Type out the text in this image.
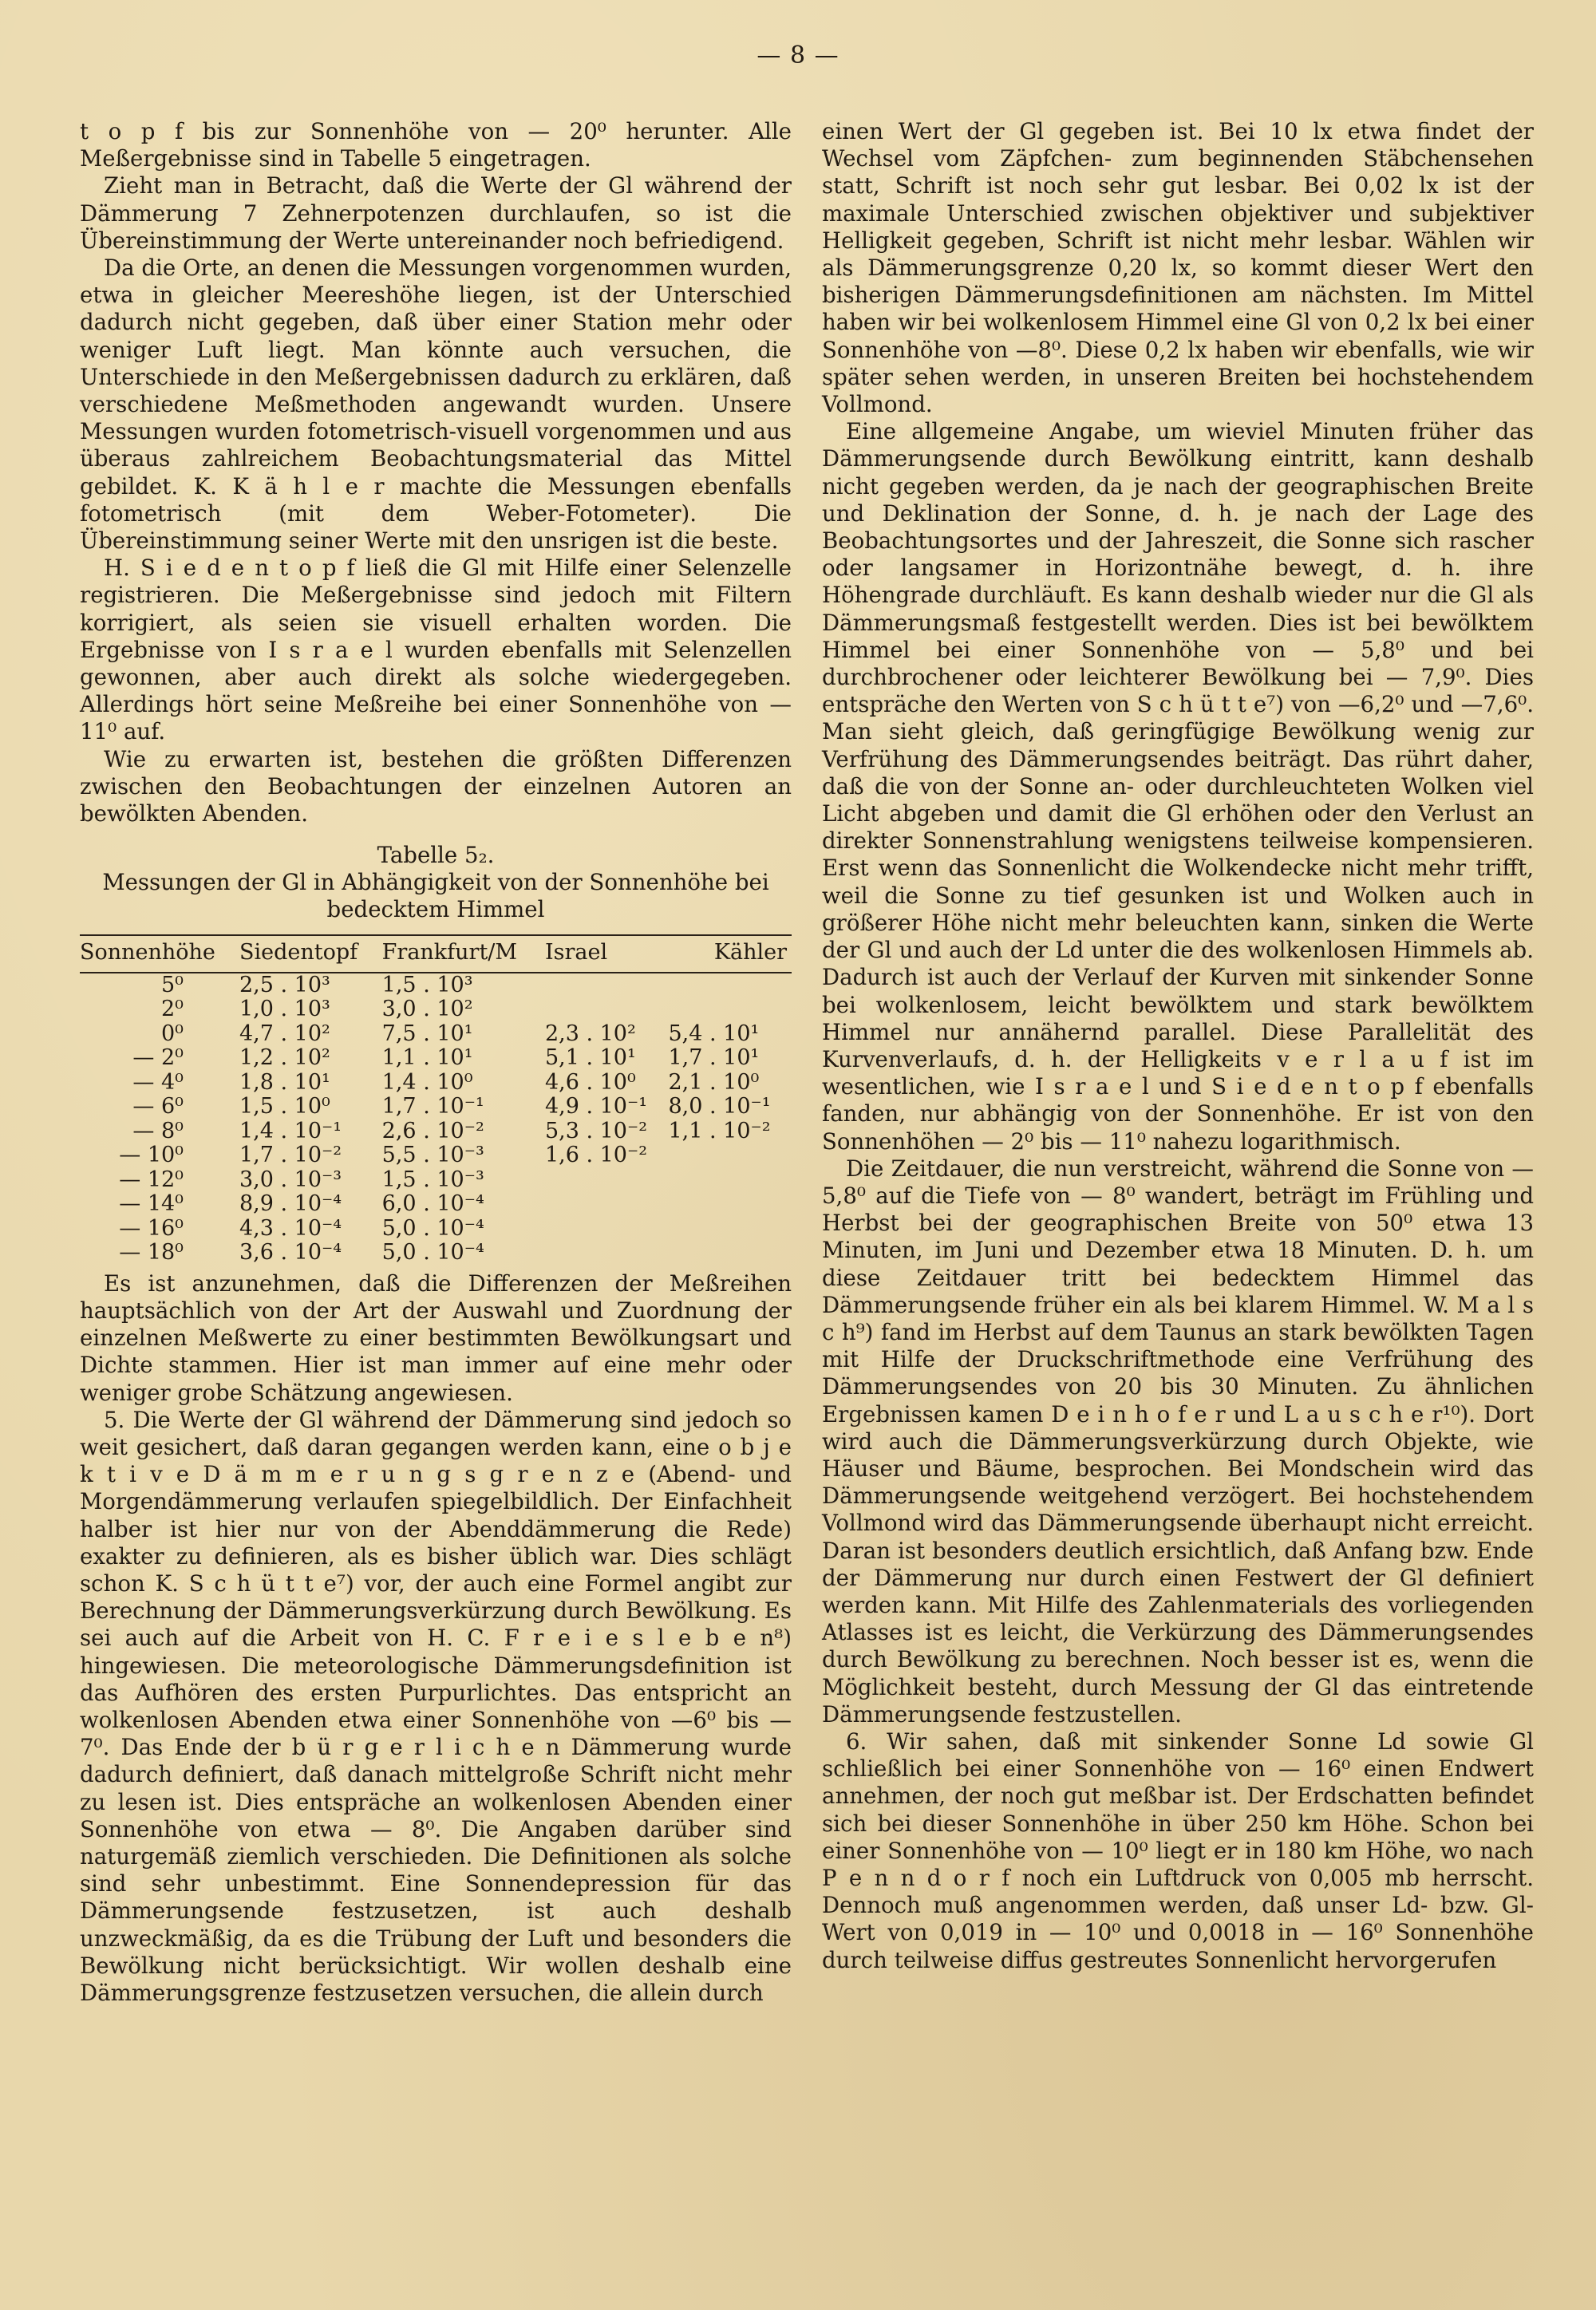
— 8 —

t o p f bis zur Sonnenhöhe von — 20⁰ herunter. Alle Meßergebnisse sind in Tabelle 5 eingetragen.

Zieht man in Betracht, daß die Werte der Gl während der Dämmerung 7 Zehnerpotenzen durchlaufen, so ist die Übereinstimmung der Werte untereinander noch befriedigend.

Da die Orte, an denen die Messungen vorgenommen wurden, etwa in gleicher Meereshöhe liegen, ist der Unterschied dadurch nicht gegeben, daß über einer Station mehr oder weniger Luft liegt. Man könnte auch versuchen, die Unterschiede in den Meßergebnissen dadurch zu erklären, daß verschiedene Meßmethoden angewandt wurden. Unsere Messungen wurden fotometrisch-visuell vorgenommen und aus überaus zahlreichem Beobachtungsmaterial das Mittel gebildet. K. K ä h l e r machte die Messungen ebenfalls fotometrisch (mit dem Weber-Fotometer). Die Übereinstimmung seiner Werte mit den unsrigen ist die beste.

H. S i e d e n t o p f ließ die Gl mit Hilfe einer Selenzelle registrieren. Die Meßergebnisse sind jedoch mit Filtern korrigiert, als seien sie visuell erhalten worden. Die Ergebnisse von I s r a e l wurden ebenfalls mit Selenzellen gewonnen, aber auch direkt als solche wiedergegeben. Allerdings hört seine Meßreihe bei einer Sonnenhöhe von — 11⁰ auf.

Wie zu erwarten ist, bestehen die größten Differenzen zwischen den Beobachtungen der einzelnen Autoren an bewölkten Abenden.

Tabelle 5₂.
Messungen der Gl in Abhängigkeit von der Sonnenhöhe bei bedecktem Himmel
Sonnenhöhe	Siedentopf	Frankfurt/M	Israel	Kähler
5⁰	2,5 . 10³	1,5 . 10³		
2⁰	1,0 . 10³	3,0 . 10²		
0⁰	4,7 . 10²	7,5 . 10¹	2,3 . 10²	5,4 . 10¹
— 2⁰	1,2 . 10²	1,1 . 10¹	5,1 . 10¹	1,7 . 10¹
— 4⁰	1,8 . 10¹	1,4 . 10⁰	4,6 . 10⁰	2,1 . 10⁰
— 6⁰	1,5 . 10⁰	1,7 . 10⁻¹	4,9 . 10⁻¹	8,0 . 10⁻¹
— 8⁰	1,4 . 10⁻¹	2,6 . 10⁻²	5,3 . 10⁻²	1,1 . 10⁻²
— 10⁰	1,7 . 10⁻²	5,5 . 10⁻³	1,6 . 10⁻²	
— 12⁰	3,0 . 10⁻³	1,5 . 10⁻³		
— 14⁰	8,9 . 10⁻⁴	6,0 . 10⁻⁴		
— 16⁰	4,3 . 10⁻⁴	5,0 . 10⁻⁴		
— 18⁰	3,6 . 10⁻⁴	5,0 . 10⁻⁴		

Es ist anzunehmen, daß die Differenzen der Meßreihen hauptsächlich von der Art der Auswahl und Zuordnung der einzelnen Meßwerte zu einer bestimmten Bewölkungsart und Dichte stammen. Hier ist man immer auf eine mehr oder weniger grobe Schätzung angewiesen.

5. Die Werte der Gl während der Dämmerung sind jedoch so weit gesichert, daß daran gegangen werden kann, eine o b j e k t i v e D ä m m e r u n g s g r e n z e (Abend- und Morgendämmerung verlaufen spiegelbildlich. Der Einfachheit halber ist hier nur von der Abenddämmerung die Rede) exakter zu definieren, als es bisher üblich war. Dies schlägt schon K. S c h ü t t e⁷) vor, der auch eine Formel angibt zur Berechnung der Dämmerungsverkürzung durch Bewölkung. Es sei auch auf die Arbeit von H. C. F r e i e s l e b e n⁸) hingewiesen. Die meteorologische Dämmerungsdefinition ist das Aufhören des ersten Purpurlichtes. Das entspricht an wolkenlosen Abenden etwa einer Sonnenhöhe von —6⁰ bis — 7⁰. Das Ende der b ü r g e r l i c h e n Dämmerung wurde dadurch definiert, daß danach mittelgroße Schrift nicht mehr zu lesen ist. Dies entspräche an wolkenlosen Abenden einer Sonnenhöhe von etwa — 8⁰. Die Angaben darüber sind naturgemäß ziemlich verschieden. Die Definitionen als solche sind sehr unbestimmt. Eine Sonnendepression für das Dämmerungsende festzusetzen, ist auch deshalb unzweckmäßig, da es die Trübung der Luft und besonders die Bewölkung nicht berücksichtigt. Wir wollen deshalb eine Dämmerungsgrenze festzusetzen versuchen, die allein durch

einen Wert der Gl gegeben ist. Bei 10 lx etwa findet der Wechsel vom Zäpfchen- zum beginnenden Stäbchensehen statt, Schrift ist noch sehr gut lesbar. Bei 0,02 lx ist der maximale Unterschied zwischen objektiver und subjektiver Helligkeit gegeben, Schrift ist nicht mehr lesbar. Wählen wir als Dämmerungsgrenze 0,20 lx, so kommt dieser Wert den bisherigen Dämmerungsdefinitionen am nächsten. Im Mittel haben wir bei wolkenlosem Himmel eine Gl von 0,2 lx bei einer Sonnenhöhe von —8⁰. Diese 0,2 lx haben wir ebenfalls, wie wir später sehen werden, in unseren Breiten bei hochstehendem Vollmond.

Eine allgemeine Angabe, um wieviel Minuten früher das Dämmerungsende durch Bewölkung eintritt, kann deshalb nicht gegeben werden, da je nach der geographischen Breite und Deklination der Sonne, d. h. je nach der Lage des Beobachtungsortes und der Jahreszeit, die Sonne sich rascher oder langsamer in Horizontnähe bewegt, d. h. ihre Höhengrade durchläuft. Es kann deshalb wieder nur die Gl als Dämmerungsmaß festgestellt werden. Dies ist bei bewölktem Himmel bei einer Sonnenhöhe von — 5,8⁰ und bei durchbrochener oder leichterer Bewölkung bei — 7,9⁰. Dies entspräche den Werten von S c h ü t t e⁷) von —6,2⁰ und —7,6⁰. Man sieht gleich, daß geringfügige Bewölkung wenig zur Verfrühung des Dämmerungsendes beiträgt. Das rührt daher, daß die von der Sonne an- oder durchleuchteten Wolken viel Licht abgeben und damit die Gl erhöhen oder den Verlust an direkter Sonnenstrahlung wenigstens teilweise kompensieren. Erst wenn das Sonnenlicht die Wolkendecke nicht mehr trifft, weil die Sonne zu tief gesunken ist und Wolken auch in größerer Höhe nicht mehr beleuchten kann, sinken die Werte der Gl und auch der Ld unter die des wolkenlosen Himmels ab. Dadurch ist auch der Verlauf der Kurven mit sinkender Sonne bei wolkenlosem, leicht bewölktem und stark bewölktem Himmel nur annähernd parallel. Diese Parallelität des Kurvenverlaufs, d. h. der Helligkeits v e r l a u f ist im wesentlichen, wie I s r a e l und S i e d e n t o p f ebenfalls fanden, nur abhängig von der Sonnenhöhe. Er ist von den Sonnenhöhen — 2⁰ bis — 11⁰ nahezu logarithmisch.

Die Zeitdauer, die nun verstreicht, während die Sonne von — 5,8⁰ auf die Tiefe von — 8⁰ wandert, beträgt im Frühling und Herbst bei der geographischen Breite von 50⁰ etwa 13 Minuten, im Juni und Dezember etwa 18 Minuten. D. h. um diese Zeitdauer tritt bei bedecktem Himmel das Dämmerungsende früher ein als bei klarem Himmel. W. M a l s c h⁹) fand im Herbst auf dem Taunus an stark bewölkten Tagen mit Hilfe der Druckschriftmethode eine Verfrühung des Dämmerungsendes von 20 bis 30 Minuten. Zu ähnlichen Ergebnissen kamen D e i n h o f e r und L a u s c h e r¹⁰). Dort wird auch die Dämmerungsverkürzung durch Objekte, wie Häuser und Bäume, besprochen. Bei Mondschein wird das Dämmerungsende weitgehend verzögert. Bei hochstehendem Vollmond wird das Dämmerungsende überhaupt nicht erreicht. Daran ist besonders deutlich ersichtlich, daß Anfang bzw. Ende der Dämmerung nur durch einen Festwert der Gl definiert werden kann. Mit Hilfe des Zahlenmaterials des vorliegenden Atlasses ist es leicht, die Verkürzung des Dämmerungsendes durch Bewölkung zu berechnen. Noch besser ist es, wenn die Möglichkeit besteht, durch Messung der Gl das eintretende Dämmerungsende festzustellen.

6. Wir sahen, daß mit sinkender Sonne Ld sowie Gl schließlich bei einer Sonnenhöhe von — 16⁰ einen Endwert annehmen, der noch gut meßbar ist. Der Erdschatten befindet sich bei dieser Sonnenhöhe in über 250 km Höhe. Schon bei einer Sonnenhöhe von — 10⁰ liegt er in 180 km Höhe, wo nach P e n n d o r f noch ein Luftdruck von 0,005 mb herrscht. Dennoch muß angenommen werden, daß unser Ld- bzw. Gl-Wert von 0,019 in — 10⁰ und 0,0018 in — 16⁰ Sonnenhöhe durch teilweise diffus gestreutes Sonnenlicht hervorgerufen
